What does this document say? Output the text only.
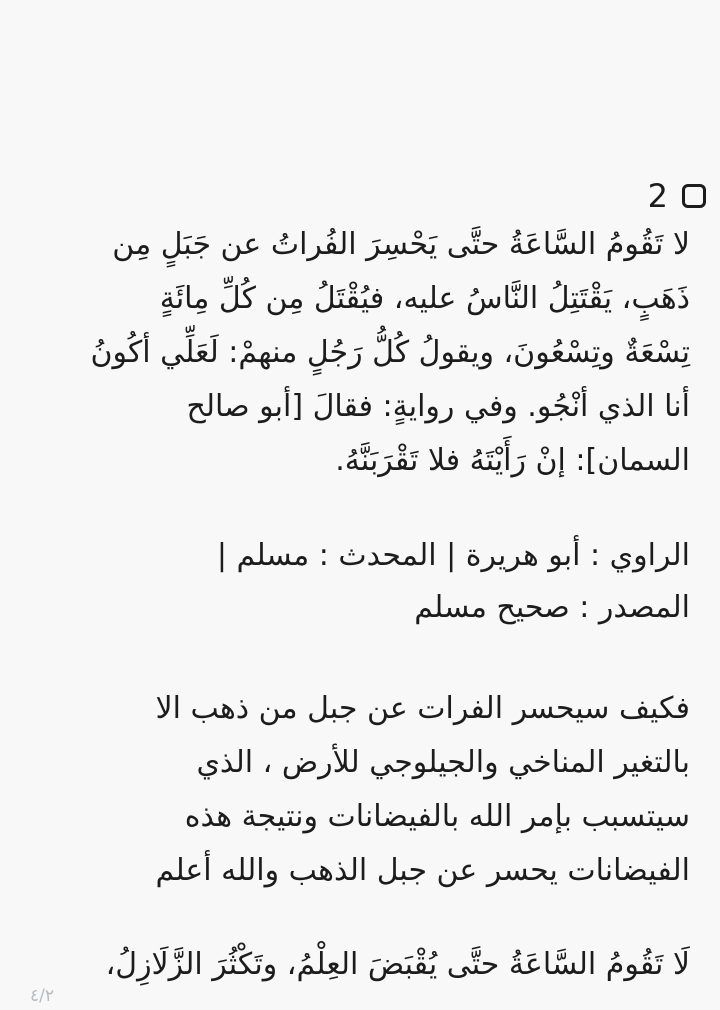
2
لا تَقُومُ السَّاعَةُ حتَّى يَحْسِرَ الفُراتُ عن جَبَلٍ مِن
ذَهَبٍ، يَقْتَتِلُ النَّاسُ عليه، فيُقْتَلُ مِن كُلِّ مِائَةٍ
تِسْعَةٌ وتِسْعُونَ، ويقولُ كُلُّ رَجُلٍ منهمْ: لَعَلِّي أكُونُ
أنا الذي أنْجُو. وفي روايةٍ: فقالَ [أبو صالح
السمان]: إنْ رَأَيْتَهُ فلا تَقْرَبَنَّهُ.
الراوي : أبو هريرة | المحدث : مسلم |
المصدر : صحيح مسلم
فكيف سيحسر الفرات عن جبل من ذهب الا
بالتغير المناخي والجيلوجي للأرض ، الذي
سيتسبب بإمر الله بالفيضانات ونتيجة هذه
الفيضانات يحسر عن جبل الذهب والله أعلم
لَا تَقُومُ السَّاعَةُ حتَّى يُقْبَضَ العِلْمُ، وتَكْثُرَ الزَّلَازِلُ،
٤/٢
